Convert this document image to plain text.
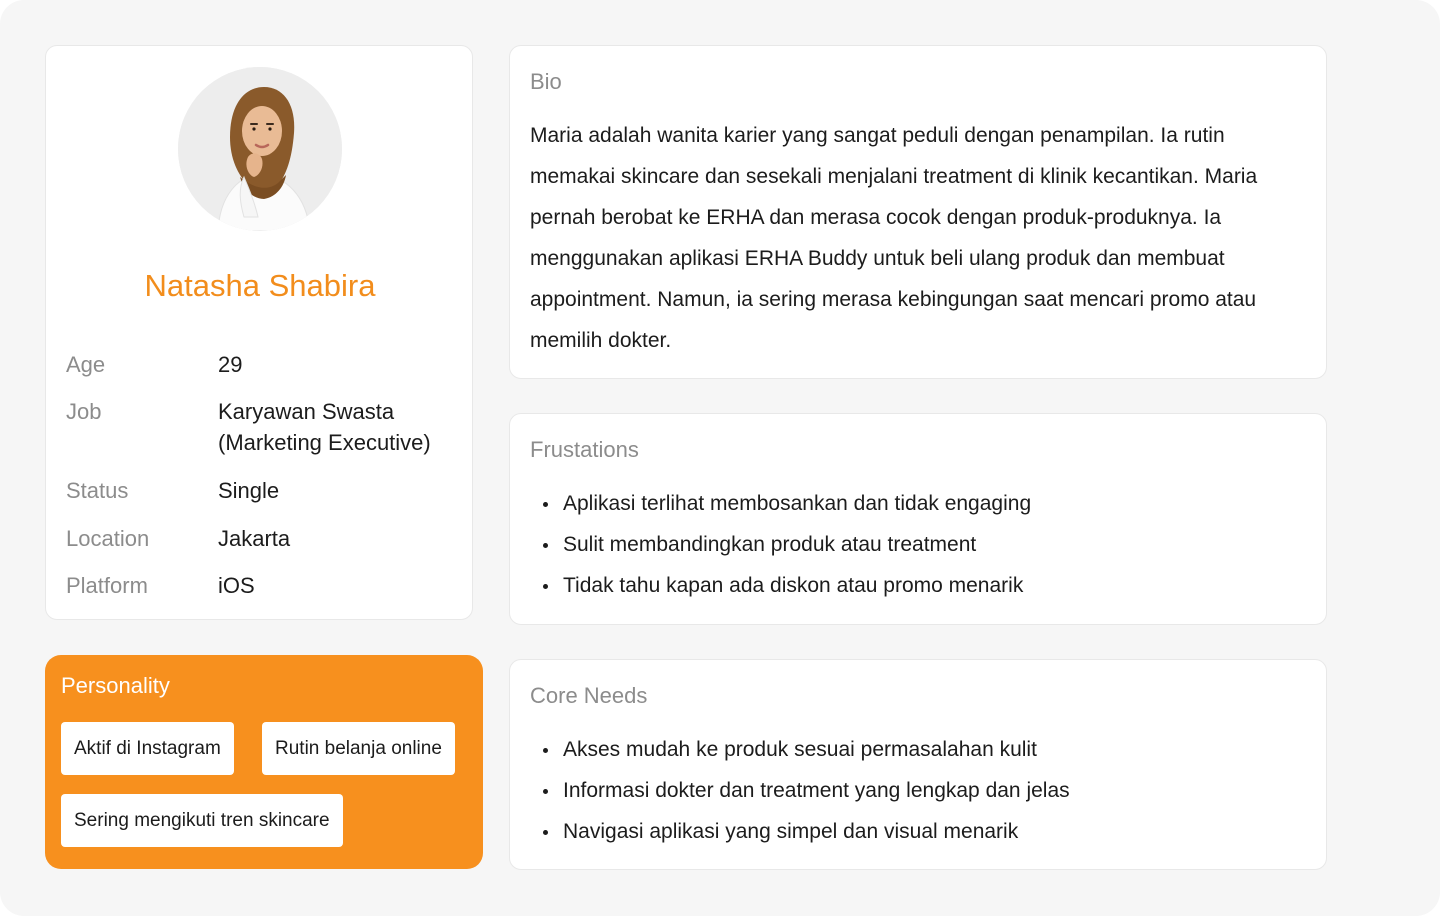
Natasha Shabira
Age	29
Job	Karyawan Swasta (Marketing Executive)
Status	Single
Location	Jakarta
Platform	iOS
Personality
Aktif di Instagram	Rutin belanja online
Sering mengikuti tren skincare
Bio
Maria adalah wanita karier yang sangat peduli dengan penampilan. Ia rutin memakai skincare dan sesekali menjalani treatment di klinik kecantikan. Maria pernah berobat ke ERHA dan merasa cocok dengan produk-produknya. Ia menggunakan aplikasi ERHA Buddy untuk beli ulang produk dan membuat appointment. Namun, ia sering merasa kebingungan saat mencari promo atau memilih dokter.
Frustations
Aplikasi terlihat membosankan dan tidak engaging
Sulit membandingkan produk atau treatment
Tidak tahu kapan ada diskon atau promo menarik
Core Needs
Akses mudah ke produk sesuai permasalahan kulit
Informasi dokter dan treatment yang lengkap dan jelas
Navigasi aplikasi yang simpel dan visual menarik
